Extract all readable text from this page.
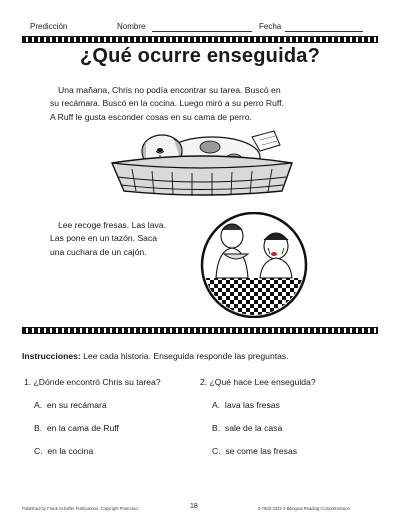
Predicción	Nombre	Fecha
¿Qué ocurre enseguida?
Una mañana, Chris no podía encontrar su tarea. Buscó en
su recámara. Buscó en la cocina. Luego miró a su perro Ruff.
A Ruff le gusta esconder cosas en su cama de perro.
Lee recoge fresas. Las lava.
Las pone en un tazón. Saca
una cuchara de un cajón.
Instrucciones: Lee cada historia. Enseguida responde las preguntas.
1. ¿Dónde encontró Chris su tarea?
A. en su recámara
B. en la cama de Ruff
C. en la cocina
2. ¿Qué hace Lee enseguida?
A. lava las fresas
B. sale de la casa
C. se come las fresas
Published by Frank Schaffer Publications. Copyright Protected.	18	0-7682-3322-3 Bilingual Reading Comprehension
